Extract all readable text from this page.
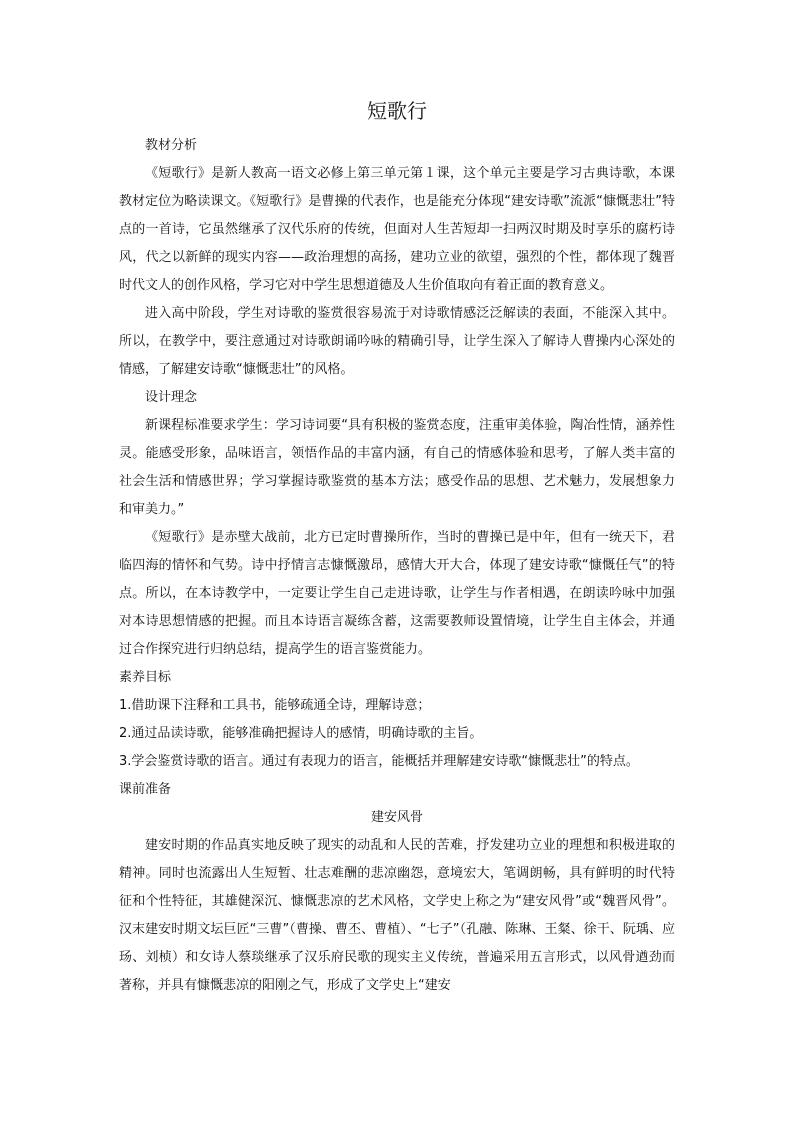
短歌行
教材分析

《短歌行》是新人教高一语文必修上第三单元第１课，这个单元主要是学习古典诗歌，本课教材定位为略读课文。《短歌行》是曹操的代表作，也是能充分体现“建安诗歌”流派“慷慨悲壮”特点的一首诗，它虽然继承了汉代乐府的传统，但面对人生苦短却一扫两汉时期及时享乐的腐朽诗风，代之以新鲜的现实内容——政治理想的高扬，建功立业的欲望，强烈的个性，都体现了魏晋时代文人的创作风格，学习它对中学生思想道德及人生价值取向有着正面的教育意义。

进入高中阶段，学生对诗歌的鉴赏很容易流于对诗歌情感泛泛解读的表面，不能深入其中。所以，在教学中，要注意通过对诗歌朗诵吟咏的精确引导，让学生深入了解诗人曹操内心深处的情感，了解建安诗歌“慷慨悲壮”的风格。

设计理念

新课程标准要求学生：学习诗词要“具有积极的鉴赏态度，注重审美体验，陶冶性情，涵养性灵。能感受形象，品味语言，领悟作品的丰富内涵，有自己的情感体验和思考，了解人类丰富的社会生活和情感世界；学习掌握诗歌鉴赏的基本方法；感受作品的思想、艺术魅力，发展想象力和审美力。”

《短歌行》是赤壁大战前，北方已定时曹操所作，当时的曹操已是中年，但有一统天下，君临四海的情怀和气势。诗中抒情言志慷慨激昂，感情大开大合，体现了建安诗歌“慷慨任气”的特点。所以，在本诗教学中，一定要让学生自己走进诗歌，让学生与作者相遇，在朗读吟咏中加强对本诗思想情感的把握。而且本诗语言凝练含蓄，这需要教师设置情境，让学生自主体会，并通过合作探究进行归纳总结，提高学生的语言鉴赏能力。

素养目标

1.借助课下注释和工具书，能够疏通全诗，理解诗意；

2.通过品读诗歌，能够准确把握诗人的感情，明确诗歌的主旨。

3.学会鉴赏诗歌的语言。通过有表现力的语言，能概括并理解建安诗歌“慷慨悲壮”的特点。

课前准备
建安风骨

建安时期的作品真实地反映了现实的动乱和人民的苦难，抒发建功立业的理想和积极进取的精神。同时也流露出人生短暂、壮志难酬的悲凉幽怨，意境宏大，笔调朗畅，具有鲜明的时代特征和个性特征，其雄健深沉、慷慨悲凉的艺术风格，文学史上称之为“建安风骨”或“魏晋风骨”。 汉末建安时期文坛巨匠“三曹”（曹操、曹丕、曹植）、“七子”（孔融、陈琳、王粲、徐干、阮瑀、应玚、刘桢）和女诗人蔡琰继承了汉乐府民歌的现实主义传统，普遍采用五言形式，以风骨遒劲而著称，并具有慷慨悲凉的阳刚之气，形成了文学史上“建安
